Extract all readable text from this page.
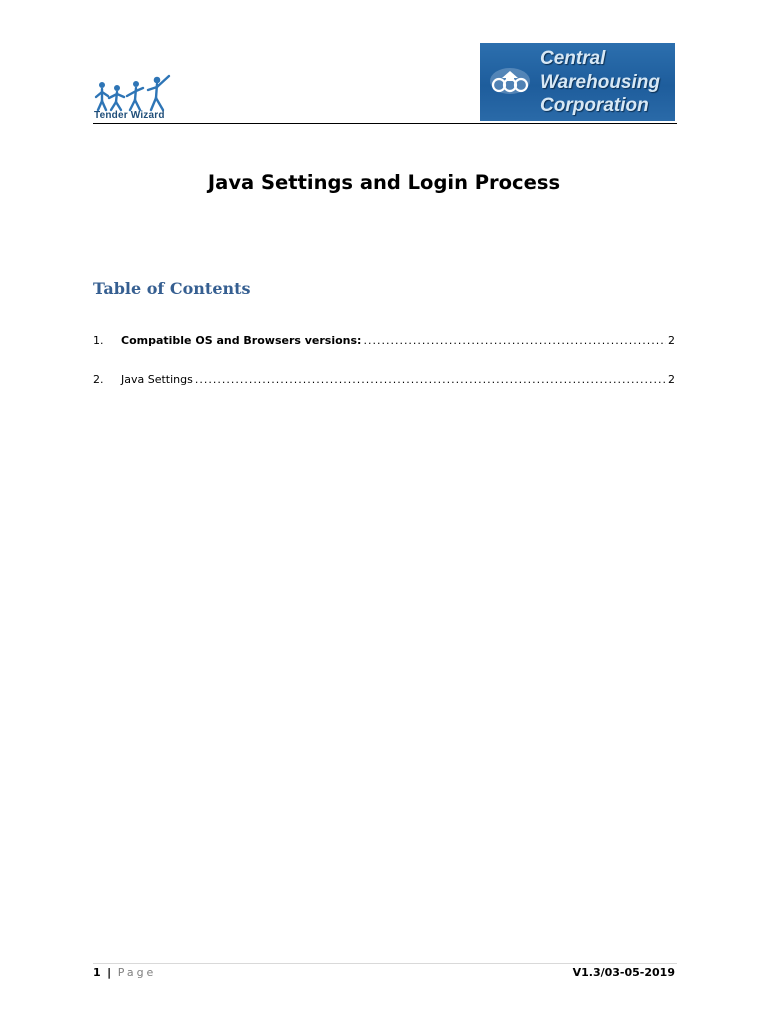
Tender Wizard
Central
Warehousing
Corporation
Java Settings and Login Process
Table of Contents
1.	Compatible OS and Browsers versions: .....	2
2.	Java Settings .....	2
1 | Page	V1.3/03-05-2019
